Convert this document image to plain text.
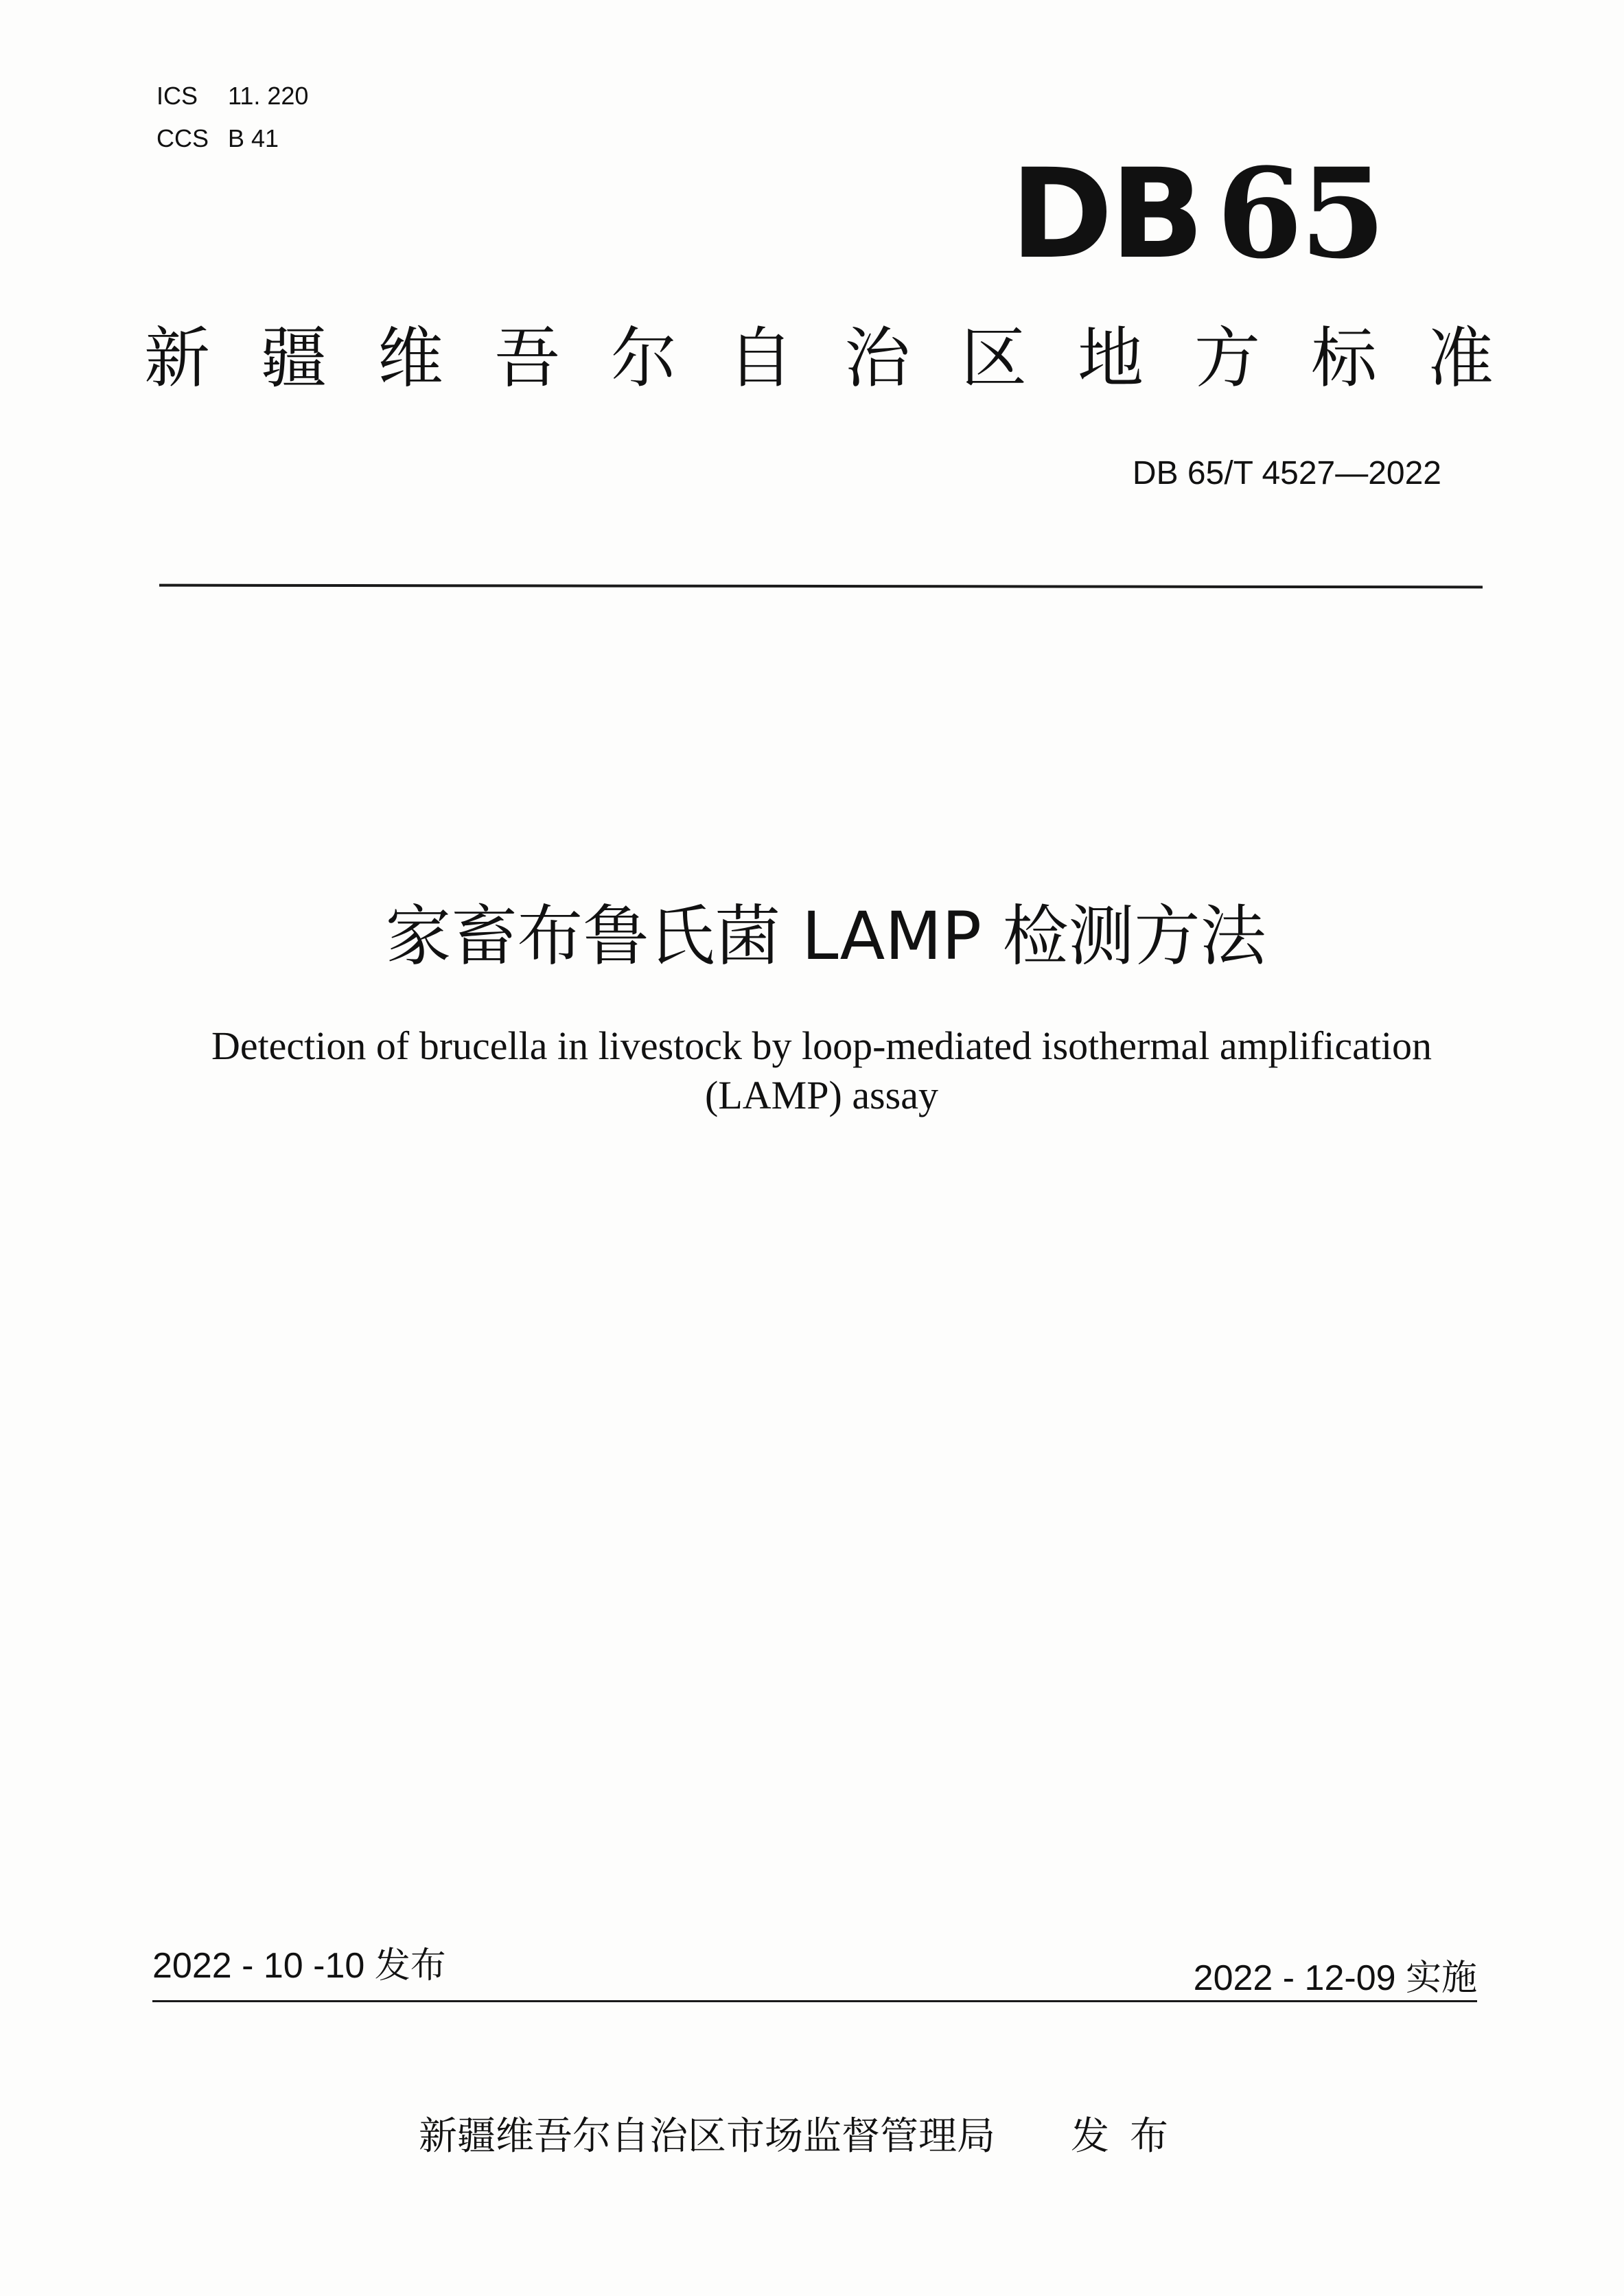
ICS 11. 220
CCS B 41
DB 65
新疆维吾尔自治区地方标准
DB 65/T 4527—2022
家畜布鲁氏菌 LAMP 检测方法
Detection of brucella in livestock by loop-mediated isothermal amplification (LAMP) assay
2022 - 10 -10 发布	2022 - 12-09 实施
新疆维吾尔自治区市场监督管理局 发布
